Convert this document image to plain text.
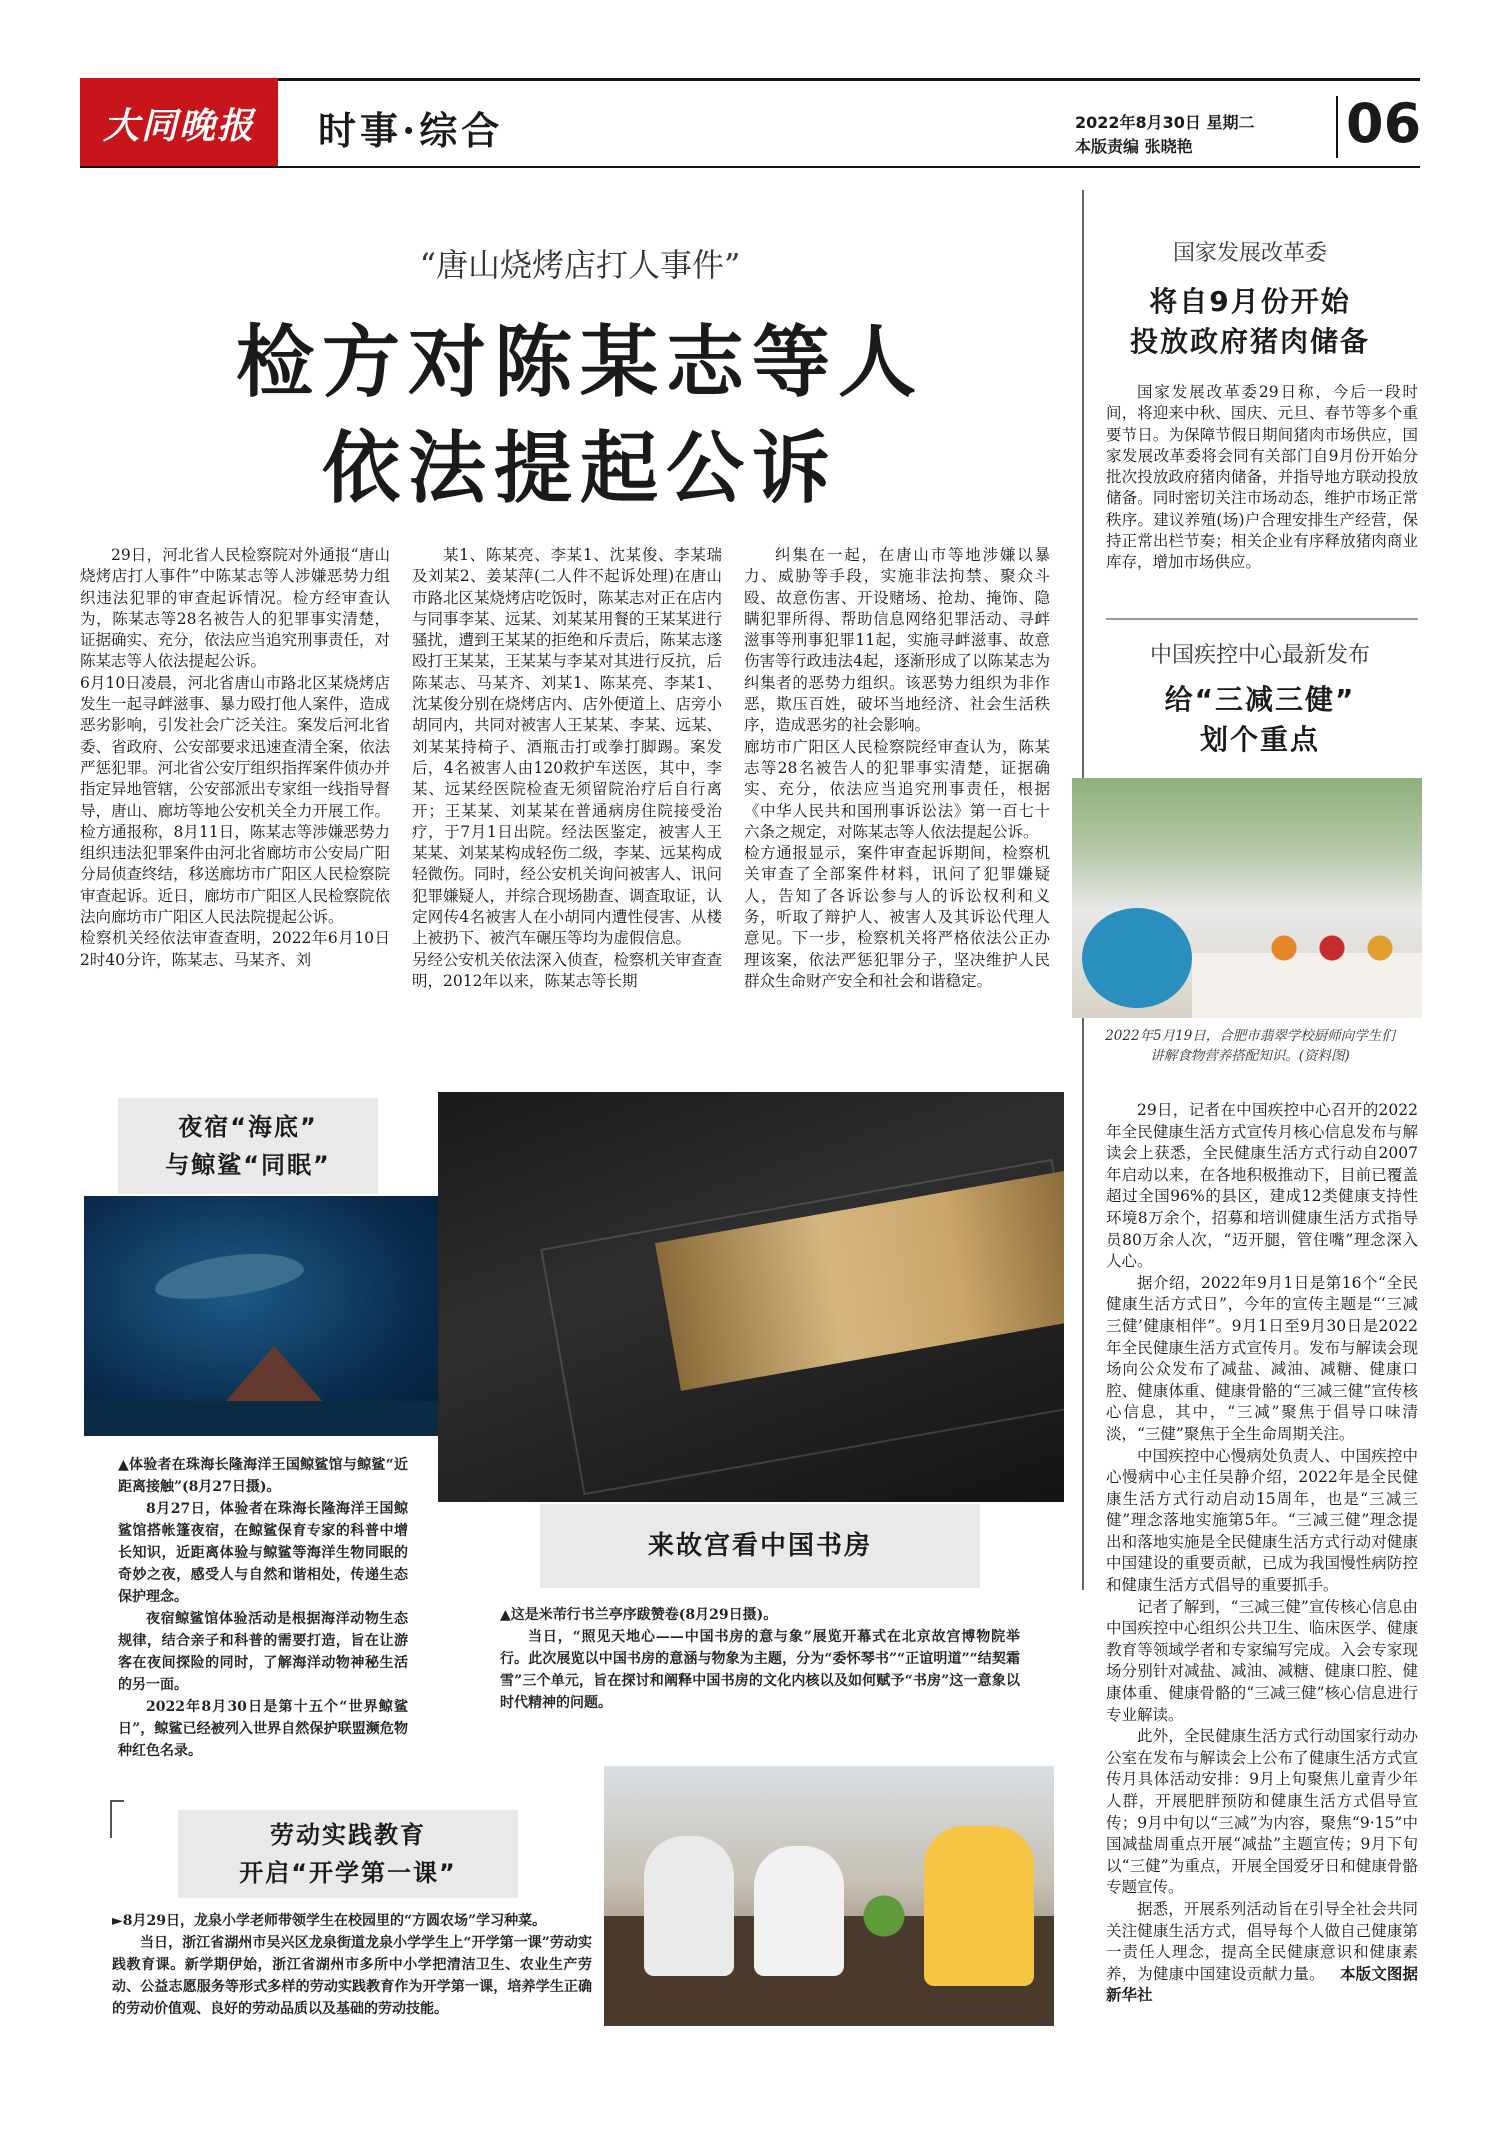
大同晚报 时事·综合	2022年8月30日 星期二
本版责编 张晓艳	06
“唐山烧烤店打人事件”
检方对陈某志等人
依法提起公诉
29日，河北省人民检察院对外通报“唐山烧烤店打人事件”中陈某志等人涉嫌恶势力组织违法犯罪的审查起诉情况。检方经审查认为，陈某志等28名被告人的犯罪事实清楚，证据确实、充分，依法应当追究刑事责任，对陈某志等人依法提起公诉。
6月10日凌晨，河北省唐山市路北区某烧烤店发生一起寻衅滋事、暴力殴打他人案件，造成恶劣影响，引发社会广泛关注。案发后河北省委、省政府、公安部要求迅速查清全案，依法严惩犯罪。河北省公安厅组织指挥案件侦办并指定异地管辖，公安部派出专家组一线指导督导，唐山、廊坊等地公安机关全力开展工作。
检方通报称，8月11日，陈某志等涉嫌恶势力组织违法犯罪案件由河北省廊坊市公安局广阳分局侦查终结，移送廊坊市广阳区人民检察院审查起诉。近日，廊坊市广阳区人民检察院依法向廊坊市广阳区人民法院提起公诉。
检察机关经依法审查查明，2022年6月10日2时40分许，陈某志、马某齐、刘
某1、陈某亮、李某1、沈某俊、李某瑞及刘某2、姜某萍(二人件不起诉处理)在唐山市路北区某烧烤店吃饭时，陈某志对正在店内与同事李某、远某、刘某某用餐的王某某进行骚扰，遭到王某某的拒绝和斥责后，陈某志遂殴打王某某，王某某与李某对其进行反抗，后陈某志、马某齐、刘某1、陈某亮、李某1、沈某俊分别在烧烤店内、店外便道上、店旁小胡同内，共同对被害人王某某、李某、远某、刘某某持椅子、酒瓶击打或拳打脚踢。案发后，4名被害人由120救护车送医，其中，李某、远某经医院检查无须留院治疗后自行离开；王某某、刘某某在普通病房住院接受治疗，于7月1日出院。经法医鉴定，被害人王某某、刘某某构成轻伤二级，李某、远某构成轻微伤。同时，经公安机关询问被害人、讯问犯罪嫌疑人，并综合现场勘查、调查取证，认定网传4名被害人在小胡同内遭性侵害、从楼上被扔下、被汽车碾压等均为虚假信息。
另经公安机关依法深入侦查，检察机关审查查明，2012年以来，陈某志等长期
纠集在一起，在唐山市等地涉嫌以暴力、威胁等手段，实施非法拘禁、聚众斗殴、故意伤害、开设赌场、抢劫、掩饰、隐瞒犯罪所得、帮助信息网络犯罪活动、寻衅滋事等刑事犯罪11起，实施寻衅滋事、故意伤害等行政违法4起，逐渐形成了以陈某志为纠集者的恶势力组织。该恶势力组织为非作恶，欺压百姓，破坏当地经济、社会生活秩序，造成恶劣的社会影响。
廊坊市广阳区人民检察院经审查认为，陈某志等28名被告人的犯罪事实清楚，证据确实、充分，依法应当追究刑事责任，根据《中华人民共和国刑事诉讼法》第一百七十六条之规定，对陈某志等人依法提起公诉。
检方通报显示，案件审查起诉期间，检察机关审查了全部案件材料，讯问了犯罪嫌疑人，告知了各诉讼参与人的诉讼权利和义务，听取了辩护人、被害人及其诉讼代理人意见。下一步，检察机关将严格依法公正办理该案，依法严惩犯罪分子，坚决维护人民群众生命财产安全和社会和谐稳定。
国家发展改革委
将自9月份开始
投放政府猪肉储备
国家发展改革委29日称，今后一段时间，将迎来中秋、国庆、元旦、春节等多个重要节日。为保障节假日期间猪肉市场供应，国家发展改革委将会同有关部门自9月份开始分批次投放政府猪肉储备，并指导地方联动投放储备。同时密切关注市场动态，维护市场正常秩序。建议养殖(场)户合理安排生产经营，保持正常出栏节奏；相关企业有序释放猪肉商业库存，增加市场供应。
中国疾控中心最新发布
给“三减三健”
划个重点
2022年5月19日，合肥市翡翠学校厨师向学生们讲解食物营养搭配知识。(资料图)

29日，记者在中国疾控中心召开的2022年全民健康生活方式宣传月核心信息发布与解读会上获悉，全民健康生活方式行动自2007年启动以来，在各地积极推动下，目前已覆盖超过全国96%的县区，建成12类健康支持性环境8万余个，招募和培训健康生活方式指导员80万余人次，“迈开腿，管住嘴”理念深入人心。

据介绍，2022年9月1日是第16个“全民健康生活方式日”，今年的宣传主题是“‘三减三健’健康相伴”。9月1日至9月30日是2022年全民健康生活方式宣传月。发布与解读会现场向公众发布了减盐、减油、减糖、健康口腔、健康体重、健康骨骼的“三减三健”宣传核心信息，其中，“三减”聚焦于倡导口味清淡，“三健”聚焦于全生命周期关注。

中国疾控中心慢病处负责人、中国疾控中心慢病中心主任吴静介绍，2022年是全民健康生活方式行动启动15周年，也是“三减三健”理念落地实施第5年。“三减三健”理念提出和落地实施是全民健康生活方式行动对健康中国建设的重要贡献，已成为我国慢性病防控和健康生活方式倡导的重要抓手。

记者了解到，“三减三健”宣传核心信息由中国疾控中心组织公共卫生、临床医学、健康教育等领域学者和专家编写完成。入会专家现场分别针对减盐、减油、减糖、健康口腔、健康体重、健康骨骼的“三减三健”核心信息进行专业解读。

此外，全民健康生活方式行动国家行动办公室在发布与解读会上公布了健康生活方式宣传月具体活动安排：9月上旬聚焦儿童青少年人群，开展肥胖预防和健康生活方式倡导宣传；9月中旬以“三减”为内容，聚焦“9·15”中国减盐周重点开展“减盐”主题宣传；9月下旬以“三健”为重点，开展全国爱牙日和健康骨骼专题宣传。

据悉，开展系列活动旨在引导全社会共同关注健康生活方式，倡导每个人做自己健康第一责任人理念，提高全民健康意识和健康素养，为健康中国建设贡献力量。 本版文图据新华社

夜宿“海底”
与鲸鲨“同眠”
▲体验者在珠海长隆海洋王国鲸鲨馆与鲸鲨“近距离接触”(8月27日摄)。

8月27日，体验者在珠海长隆海洋王国鲸鲨馆搭帐篷夜宿，在鲸鲨保育专家的科普中增长知识，近距离体验与鲸鲨等海洋生物同眠的奇妙之夜，感受人与自然和谐相处，传递生态保护理念。

夜宿鲸鲨馆体验活动是根据海洋动物生态规律，结合亲子和科普的需要打造，旨在让游客在夜间探险的同时，了解海洋动物神秘生活的另一面。

2022年8月30日是第十五个“世界鲸鲨日”，鲸鲨已经被列入世界自然保护联盟濒危物种红色名录。

来故宫看中国书房
▲这是米芾行书兰亭序跋赞卷(8月29日摄)。

当日，“照见天地心——中国书房的意与象”展览开幕式在北京故宫博物院举行。此次展览以中国书房的意涵与物象为主题，分为“委怀琴书”“正谊明道”“结契霜雪”三个单元，旨在探讨和阐释中国书房的文化内核以及如何赋予“书房”这一意象以时代精神的问题。

劳动实践教育
开启“开学第一课”
►8月29日，龙泉小学老师带领学生在校园里的“方圆农场”学习种菜。

当日，浙江省湖州市吴兴区龙泉街道龙泉小学学生上“开学第一课”劳动实践教育课。新学期伊始，浙江省湖州市多所中小学把清洁卫生、农业生产劳动、公益志愿服务等形式多样的劳动实践教育作为开学第一课，培养学生正确的劳动价值观、良好的劳动品质以及基础的劳动技能。
